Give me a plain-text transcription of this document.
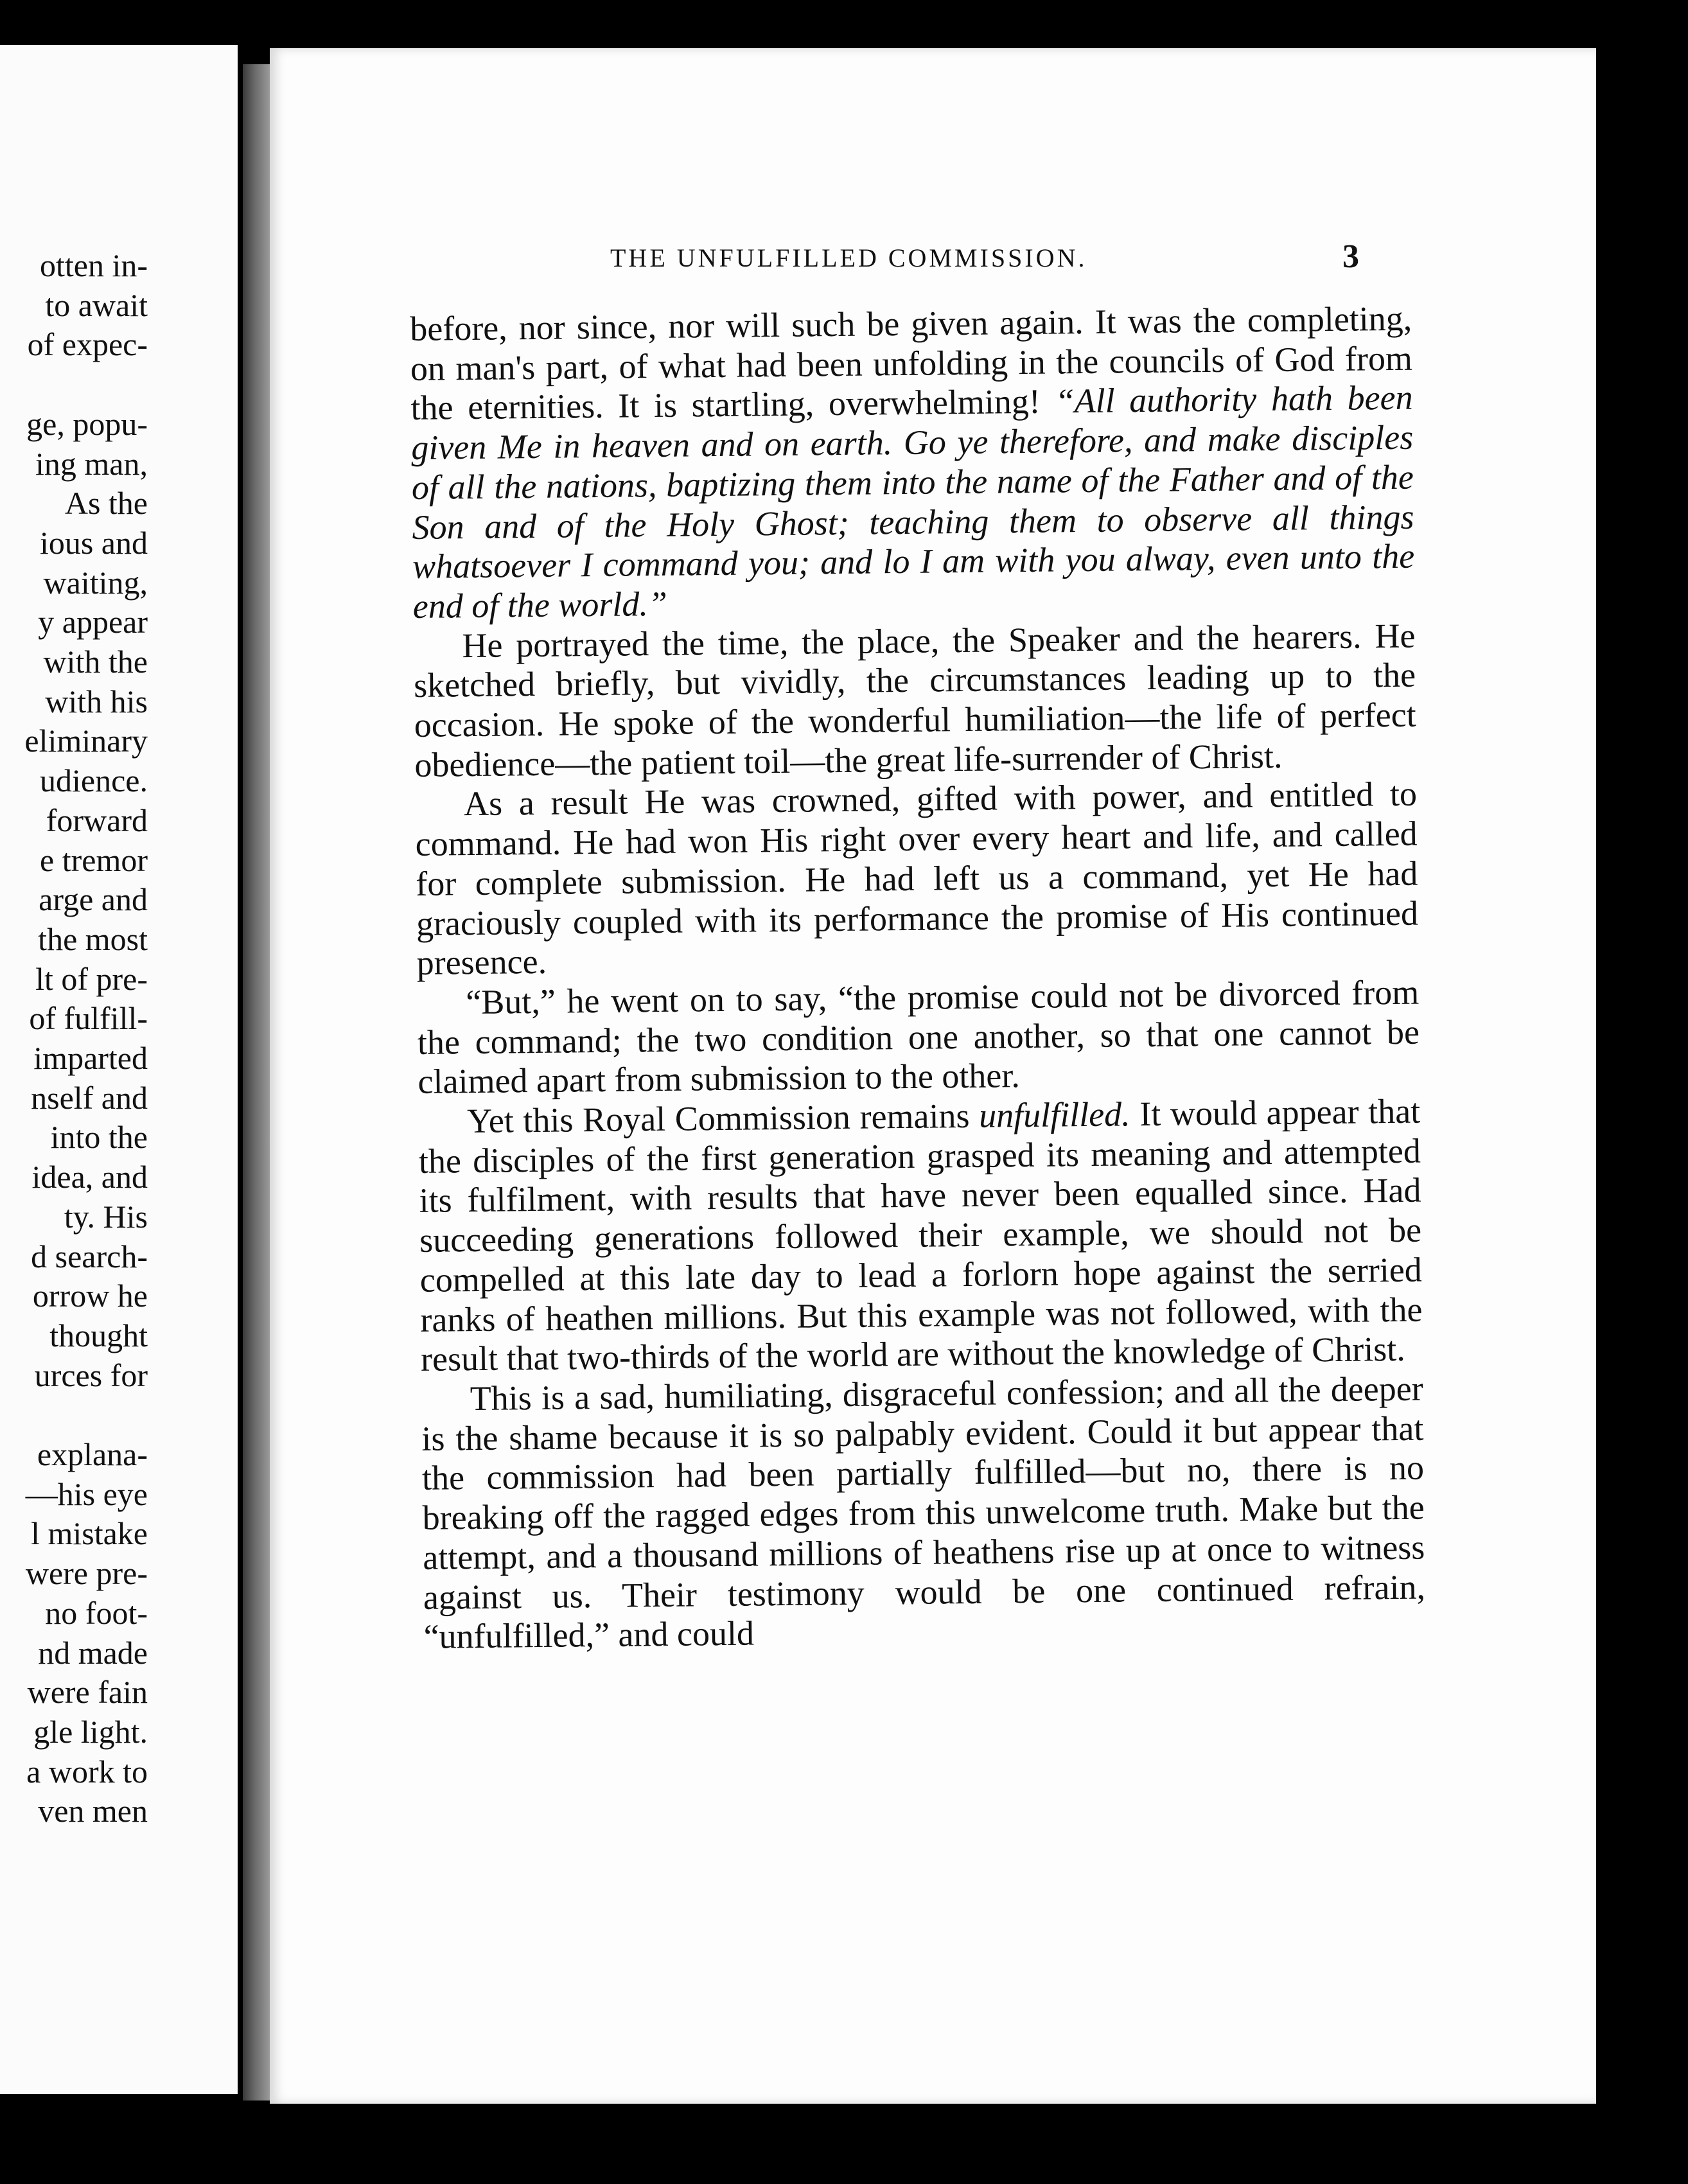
otten in-
to await
of expec-
ge, popu-
ing man,
As the
ious and
waiting,
y appear
with the
with his
eliminary
udience.
forward
e tremor
arge and
the most
lt of pre-
of fulfill-
imparted
nself and
into the
idea, and
ty. His
d search-
orrow he
thought
urces for
explana-
—his eye
l mistake
were pre-
no foot-
nd made
were fain
gle light.
a work to
ven men
THE UNFULFILLED COMMISSION.	3

before, nor since, nor will such be given again. It was the completing, on man's part, of what had been unfolding in the councils of God from the eternities. It is startling, overwhelming! “All authority hath been given Me in heaven and on earth. Go ye therefore, and make disciples of all the nations, baptizing them into the name of the Father and of the Son and of the Holy Ghost; teaching them to observe all things whatsoever I command you; and lo I am with you alway, even unto the end of the world.”

He portrayed the time, the place, the Speaker and the hearers. He sketched briefly, but vividly, the circumstances leading up to the occasion. He spoke of the wonderful humiliation—the life of perfect obedience—the patient toil—the great life-surrender of Christ.

As a result He was crowned, gifted with power, and entitled to command. He had won His right over every heart and life, and called for complete submission. He had left us a command, yet He had graciously coupled with its performance the promise of His continued presence.

“But,” he went on to say, “the promise could not be divorced from the command; the two condition one another, so that one cannot be claimed apart from submission to the other.

Yet this Royal Commission remains unfulfilled. It would appear that the disciples of the first generation grasped its meaning and attempted its fulfilment, with results that have never been equalled since. Had succeeding generations followed their example, we should not be compelled at this late day to lead a forlorn hope against the serried ranks of heathen millions. But this example was not followed, with the result that two-thirds of the world are without the knowledge of Christ.

This is a sad, humiliating, disgraceful confession; and all the deeper is the shame because it is so palpably evident. Could it but appear that the commission had been partially fulfilled—but no, there is no breaking off the ragged edges from this unwelcome truth. Make but the attempt, and a thousand millions of heathens rise up at once to witness against us. Their testimony would be one continued refrain, “unfulfilled,” and could
